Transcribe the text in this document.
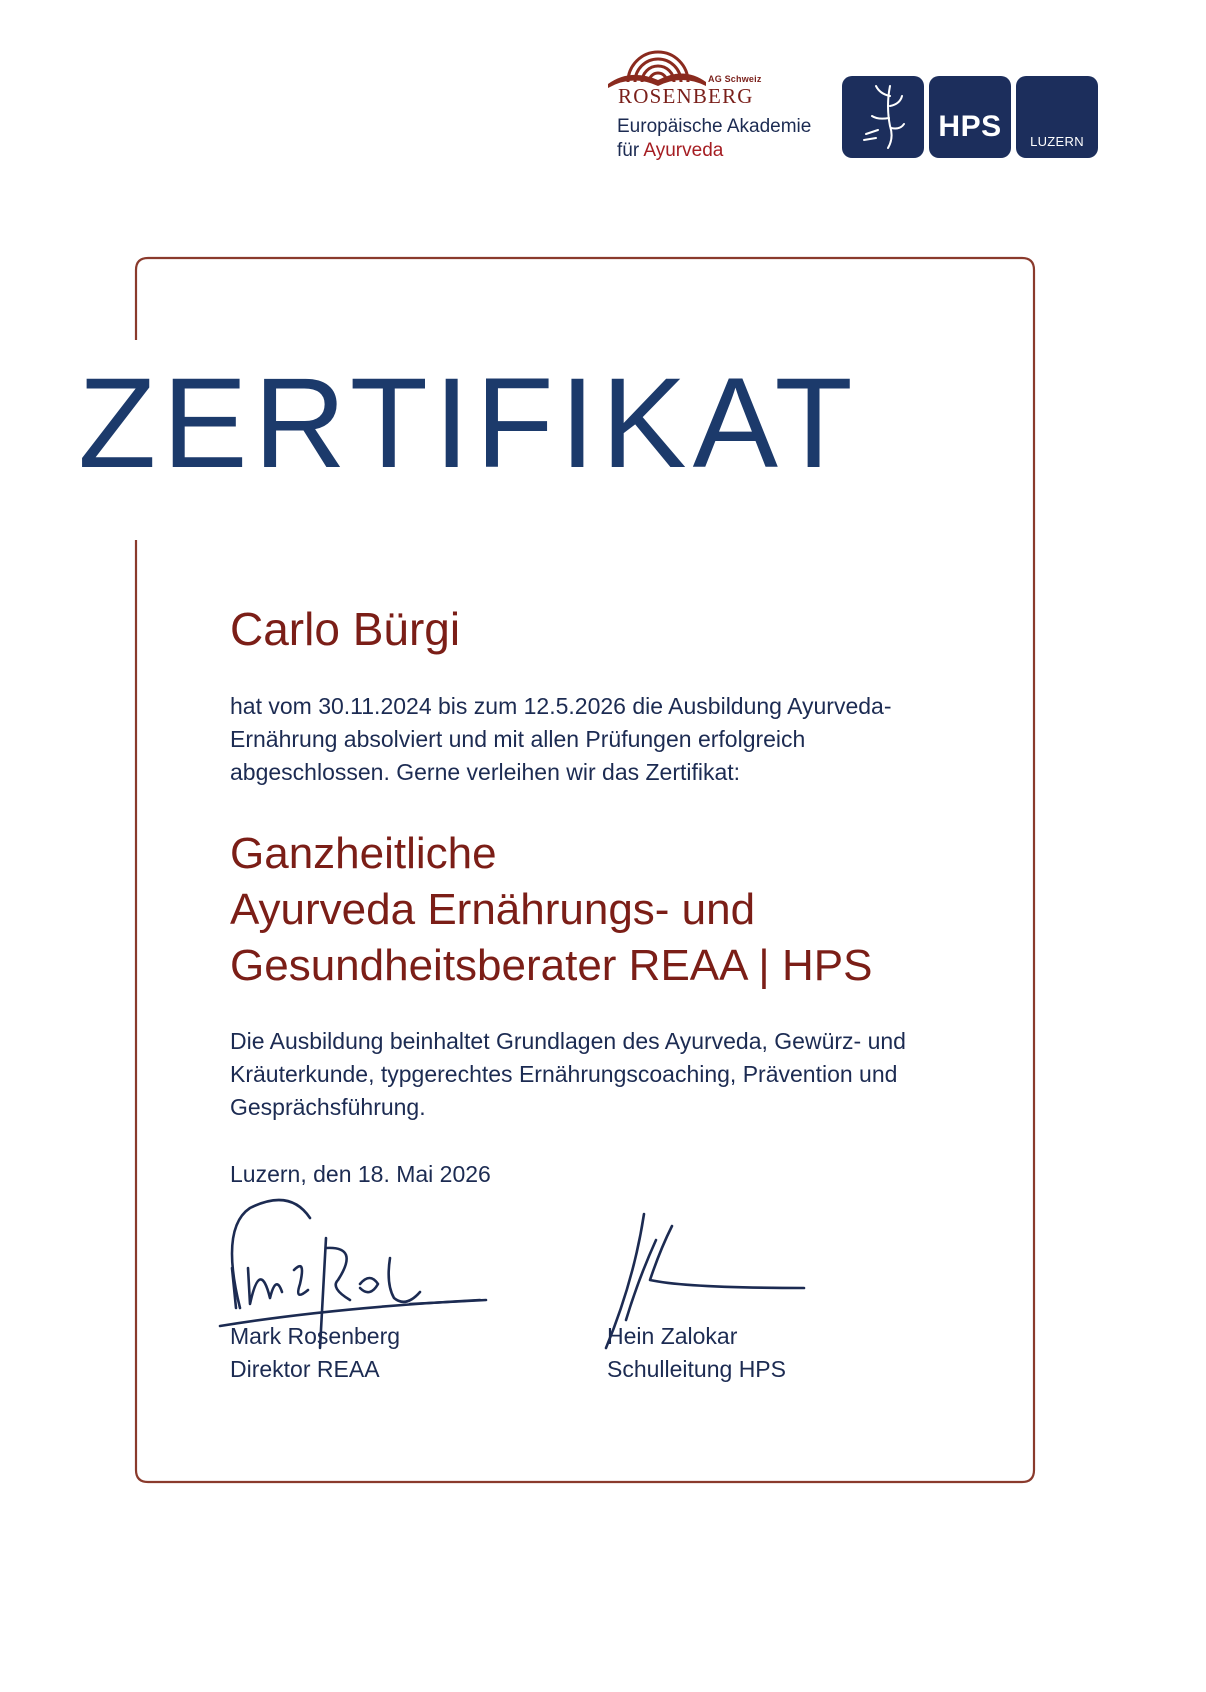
AG Schweiz
ROSENBERG
Europäische Akademie
für Ayurveda
HPS	LUZERN
ZERTIFIKAT
Carlo Bürgi
hat vom 30.11.2024 bis zum 12.5.2026 die Ausbildung Ayurveda-Ernährung absolviert und mit allen Prüfungen erfolgreich abgeschlossen. Gerne verleihen wir das Zertifikat:
Ganzheitliche
Ayurveda Ernährungs- und
Gesundheitsberater REAA | HPS
Die Ausbildung beinhaltet Grundlagen des Ayurveda, Gewürz- und Kräuterkunde, typgerechtes Ernährungscoaching, Prävention und Gesprächsführung.
Luzern, den 18. Mai 2026
Mark Rosenberg
Direktor REAA
Hein Zalokar
Schulleitung HPS
